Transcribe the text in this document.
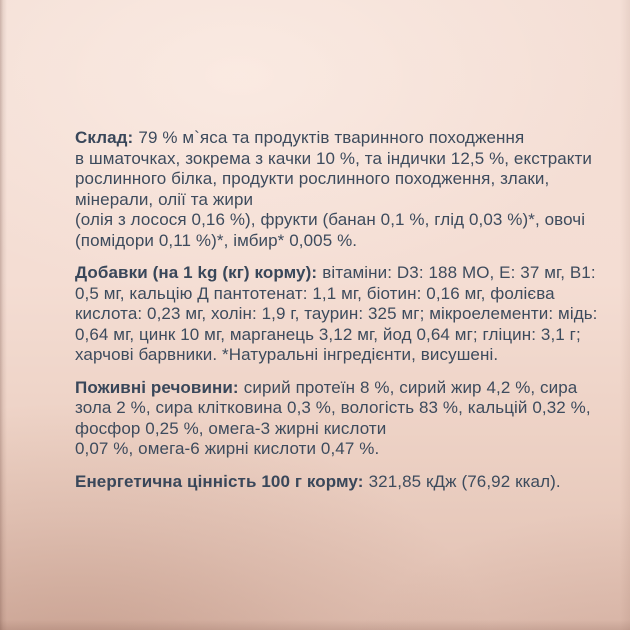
Склад: 79 % м`яса та продуктів тваринного походження
в шматочках, зокрема з качки 10 %, та індички 12,5 %, екстракти
рослинного білка, продукти рослинного походження, злаки,
мінерали, олії та жири
(олія з лосося 0,16 %), фрукти (банан 0,1 %, глід 0,03 %)*, овочі
(помідори 0,11 %)*, імбир* 0,005 %.
Добавки (на 1 kg (кг) корму): вітаміни: D3: 188 МО, E: 37 мг, B1:
0,5 мг, кальцію Д пантотенат: 1,1 мг, біотин: 0,16 мг, фолієва
кислота: 0,23 мг, холін: 1,9 г, таурин: 325 мг; мікроелементи: мідь:
0,64 мг, цинк 10 мг, марганець 3,12 мг, йод 0,64 мг; гліцин: 3,1 г;
харчові барвники. *Натуральні інгредієнти, висушені.
Поживні речовини: сирий протеїн 8 %, сирий жир 4,2 %, сира
зола 2 %, сира клітковина 0,3 %, вологість 83 %, кальцій 0,32 %,
фосфор 0,25 %, омега-3 жирні кислоти
0,07 %, омега-6 жирні кислоти 0,47 %.
Енергетична цінність 100 г корму: 321,85 кДж (76,92 ккал).
